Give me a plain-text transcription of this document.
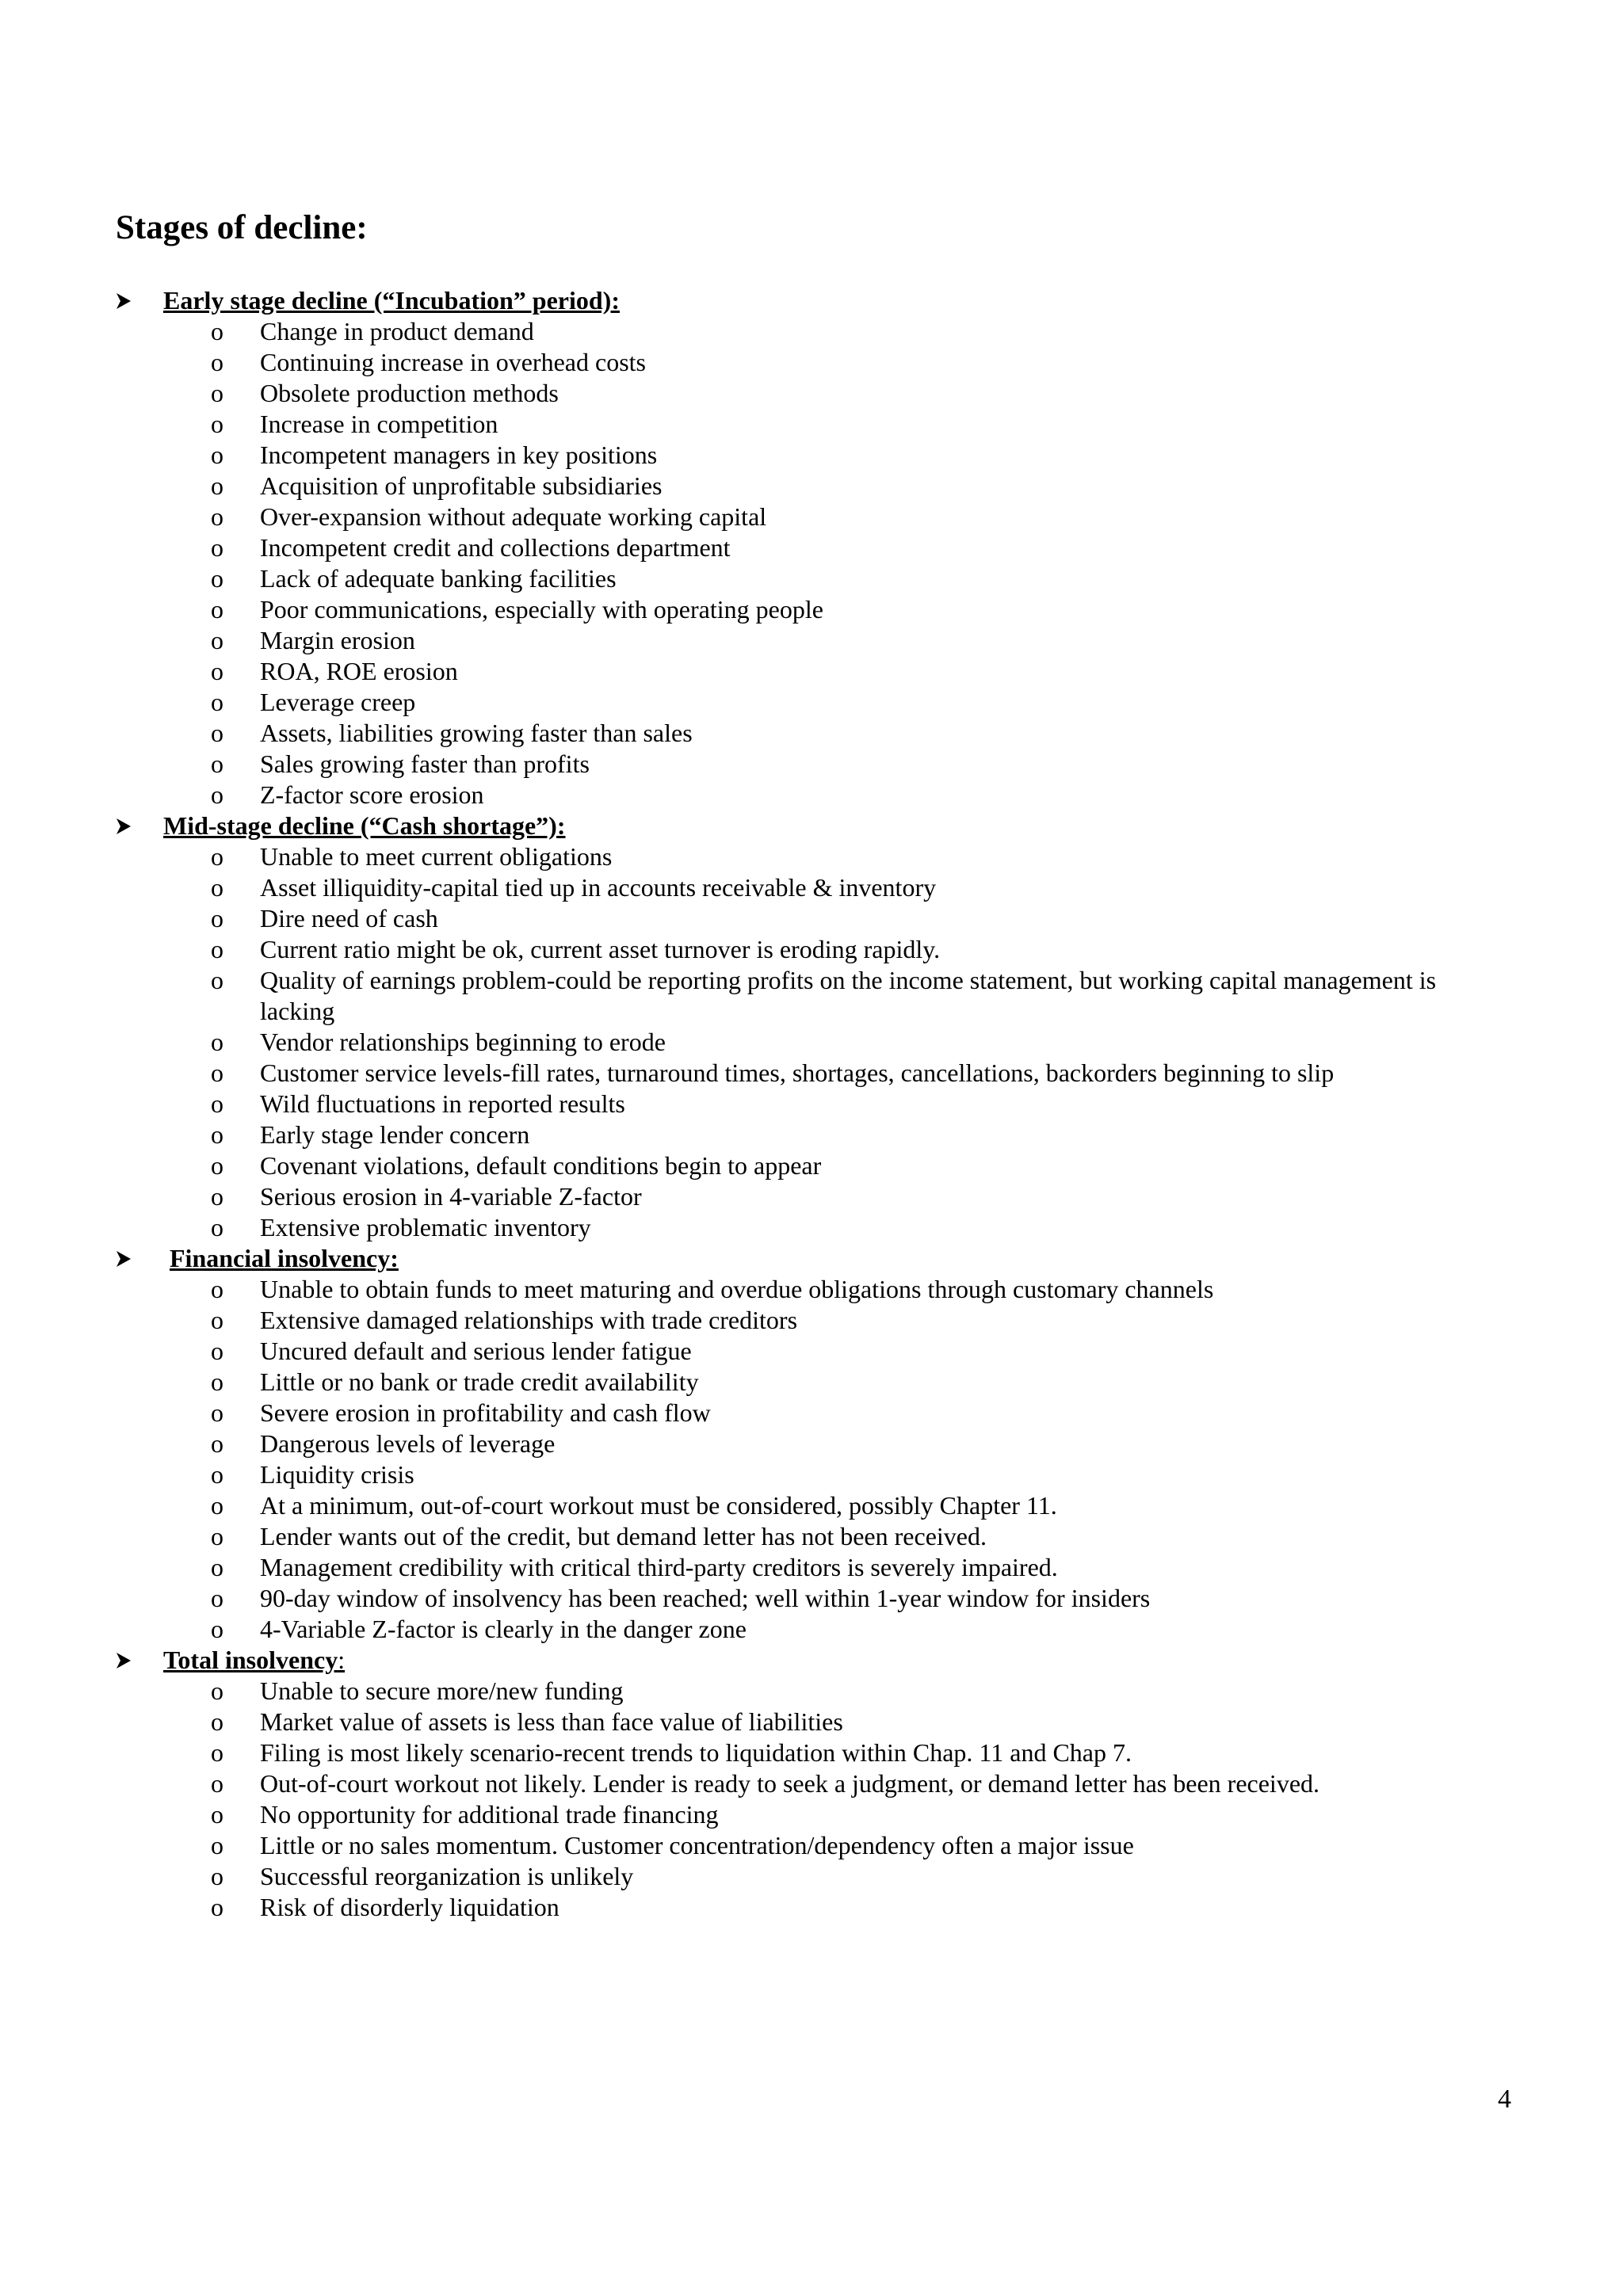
Stages of decline:
Early stage decline (“Incubation” period):
o	Change in product demand
o	Continuing increase in overhead costs
o	Obsolete production methods
o	Increase in competition
o	Incompetent managers in key positions
o	Acquisition of unprofitable subsidiaries
o	Over-expansion without adequate working capital
o	Incompetent credit and collections department
o	Lack of adequate banking facilities
o	Poor communications, especially with operating people
o	Margin erosion
o	ROA, ROE erosion
o	Leverage creep
o	Assets, liabilities growing faster than sales
o	Sales growing faster than profits
o	Z-factor score erosion
Mid-stage decline (“Cash shortage”):
o	Unable to meet current obligations
o	Asset illiquidity-capital tied up in accounts receivable & inventory
o	Dire need of cash
o	Current ratio might be ok, current asset turnover is eroding rapidly.
o	Quality of earnings problem-could be reporting profits on the income statement, but working capital management is lacking
o	Vendor relationships beginning to erode
o	Customer service levels-fill rates, turnaround times, shortages, cancellations, backorders beginning to slip
o	Wild fluctuations in reported results
o	Early stage lender concern
o	Covenant violations, default conditions begin to appear
o	Serious erosion in 4-variable Z-factor
o	Extensive problematic inventory
Financial insolvency:
o	Unable to obtain funds to meet maturing and overdue obligations through customary channels
o	Extensive damaged relationships with trade creditors
o	Uncured default and serious lender fatigue
o	Little or no bank or trade credit availability
o	Severe erosion in profitability and cash flow
o	Dangerous levels of leverage
o	Liquidity crisis
o	At a minimum, out-of-court workout must be considered, possibly Chapter 11.
o	Lender wants out of the credit, but demand letter has not been received.
o	Management credibility with critical third-party creditors is severely impaired.
o	90-day window of insolvency has been reached; well within 1-year window for insiders
o	4-Variable Z-factor is clearly in the danger zone
Total insolvency:
o	Unable to secure more/new funding
o	Market value of assets is less than face value of liabilities
o	Filing is most likely scenario-recent trends to liquidation within Chap. 11 and Chap 7.
o	Out-of-court workout not likely. Lender is ready to seek a judgment, or demand letter has been received.
o	No opportunity for additional trade financing
o	Little or no sales momentum. Customer concentration/dependency often a major issue
o	Successful reorganization is unlikely
o	Risk of disorderly liquidation
4
